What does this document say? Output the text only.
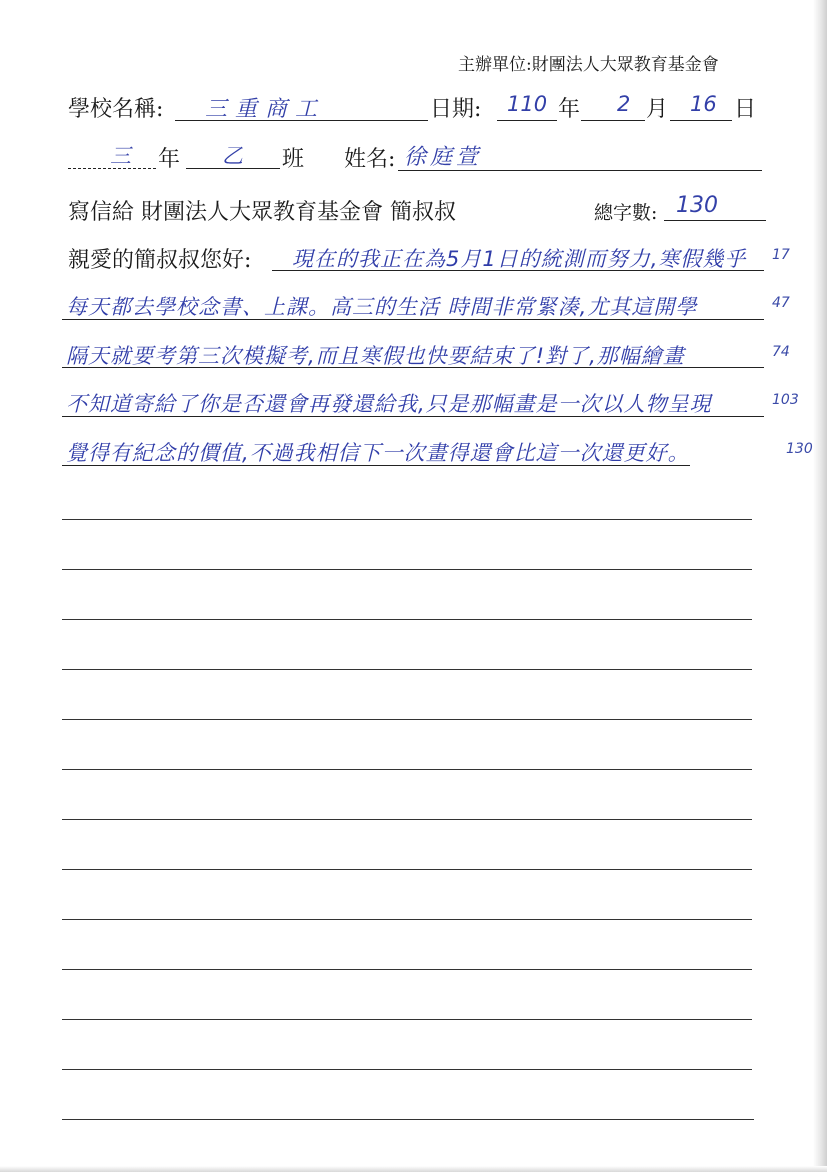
主辦單位:財團法人大眾教育基金會
學校名稱: 三重商工	日期: 110 年 2 月 16 日
三 年 乙 班 姓名: 徐庭萱
寫信給 財團法人大眾教育基金會 簡叔叔	總字數: 130
親愛的簡叔叔您好: 現在的我正在為5月1日的統測而努力,寒假幾乎	17
每天都去學校念書、上課。高三的生活 時間非常緊湊,尤其這開學	47
隔天就要考第三次模擬考,而且寒假也快要結束了!對了,那幅繪畫	74
不知道寄給了你是否還會再發還給我,只是那幅畫是一次以人物呈現	103
覺得有紀念的價值,不過我相信下一次畫得還會比這一次還更好。	130
